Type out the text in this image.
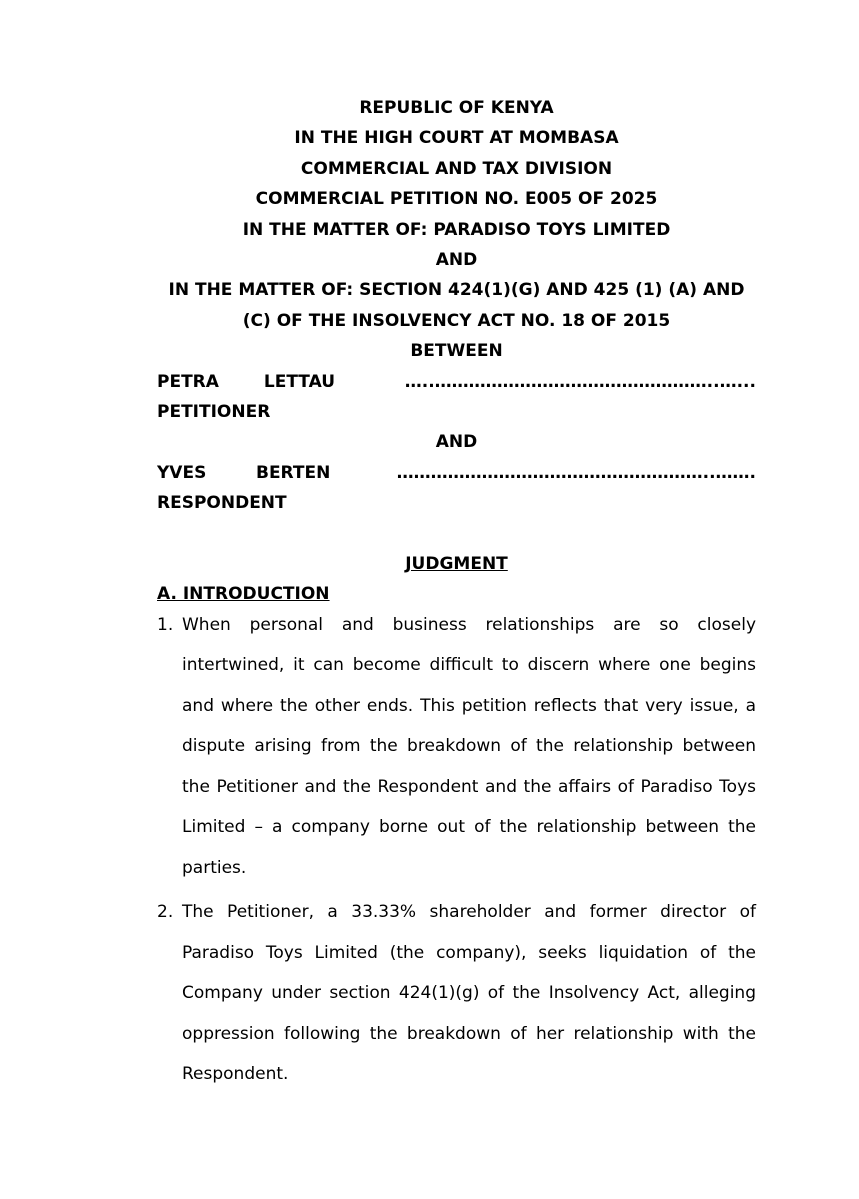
REPUBLIC OF KENYA

IN THE HIGH COURT AT MOMBASA

COMMERCIAL AND TAX DIVISION

COMMERCIAL PETITION NO. E005 OF 2025

IN THE MATTER OF: PARADISO TOYS LIMITED

AND

IN THE MATTER OF: SECTION 424(1)(G) AND 425 (1) (A) AND (C) OF THE INSOLVENCY ACT NO. 18 OF 2015

BETWEEN

PETRA	LETTAU	…..…………………………………………..…...

PETITIONER

AND

YVES	BERTEN	………………………………………………..…….

RESPONDENT

JUDGMENT

A. INTRODUCTION

1. When personal and business relationships are so closely intertwined, it can become difficult to discern where one begins and where the other ends. This petition reflects that very issue, a dispute arising from the breakdown of the relationship between the Petitioner and the Respondent and the affairs of Paradiso Toys Limited – a company borne out of the relationship between the parties.
2. The Petitioner, a 33.33% shareholder and former director of Paradiso Toys Limited (the company), seeks liquidation of the Company under section 424(1)(g) of the Insolvency Act, alleging oppression following the breakdown of her relationship with the Respondent.
